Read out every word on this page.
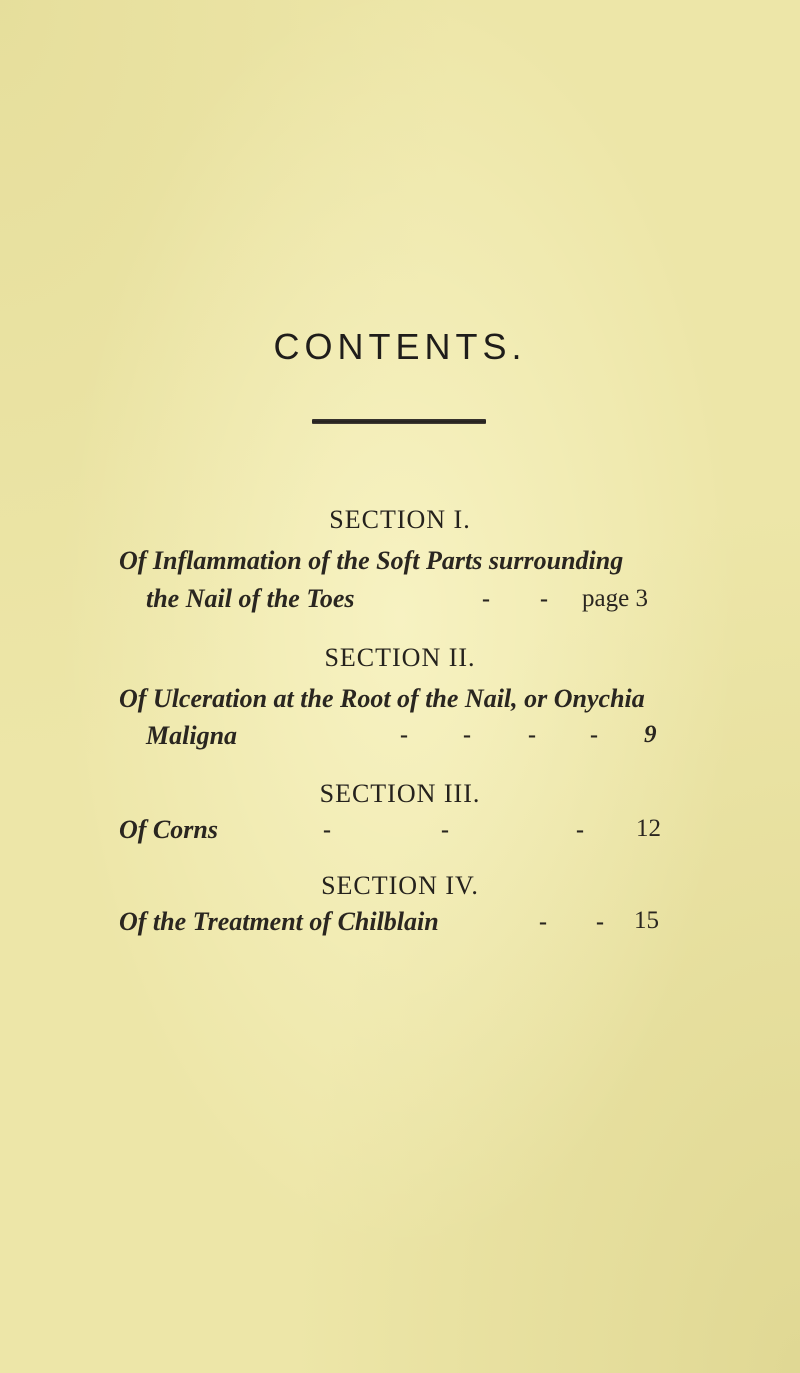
CONTENTS.
SECTION I.
Of Inflammation of the Soft Parts surrounding
the Nail of the Toes	- - page 3
SECTION II.
Of Ulceration at the Root of the Nail, or Onychia
Maligna	- - - - 9
SECTION III.
Of Corns	-	-	- 12
SECTION IV.
Of the Treatment of Chilblain	- - 15
